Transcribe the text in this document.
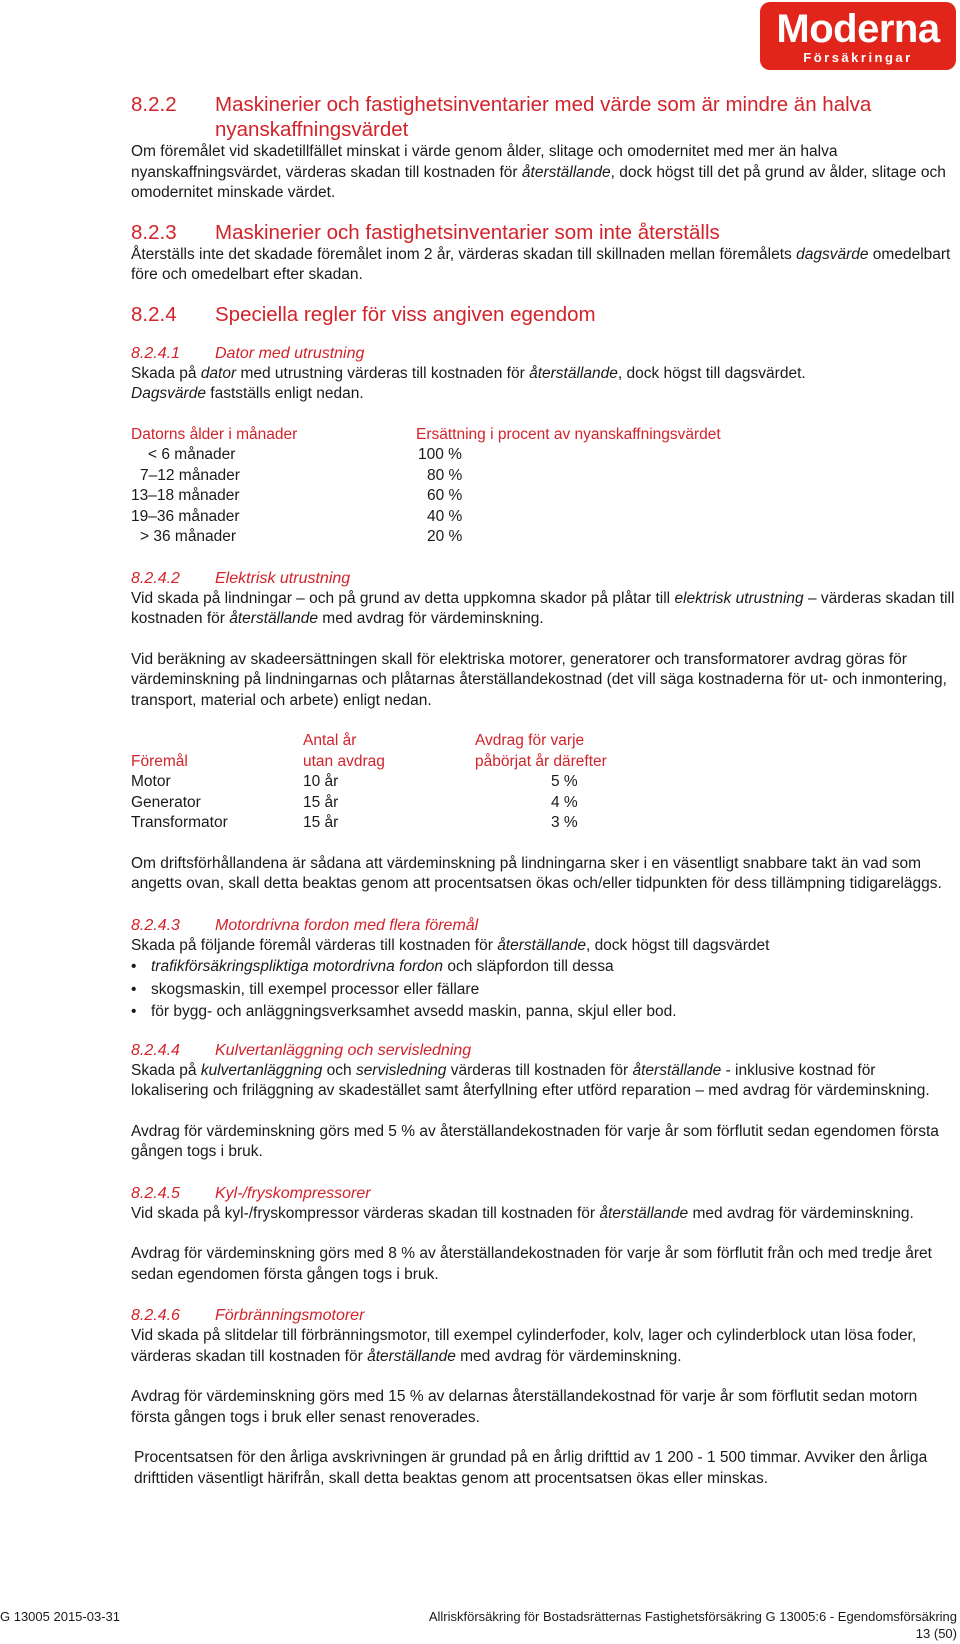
Moderna
Försäkringar
8.2.2 Maskinerier och fastighetsinventarier med värde som är mindre än halva nyanskaffningsvärdet

Om föremålet vid skadetillfället minskat i värde genom ålder, slitage och omodernitet med mer än halva nyanskaffningsvärdet, värderas skadan till kostnaden för återställande, dock högst till det på grund av ålder, slitage och omodernitet minskade värdet.

8.2.3 Maskinerier och fastighetsinventarier som inte återställs

Återställs inte det skadade föremålet inom 2 år, värderas skadan till skillnaden mellan föremålets dagsvärde omedelbart före och omedelbart efter skadan.

8.2.4 Speciella regler för viss angiven egendom
8.2.4.1 Dator med utrustning

Skada på dator med utrustning värderas till kostnaden för återställande, dock högst till dagsvärdet.
Dagsvärde fastställs enligt nedan.

Datorns ålder i månader	Ersättning i procent av nyanskaffningsvärdet
< 6 månader	100 %
7–12 månader	80 %
13–18 månader	60 %
19–36 månader	40 %
> 36 månader	20 %
8.2.4.2 Elektrisk utrustning

Vid skada på lindningar – och på grund av detta uppkomna skador på plåtar till elektrisk utrustning – värderas skadan till kostnaden för återställande med avdrag för värdeminskning.

Vid beräkning av skadeersättningen skall för elektriska motorer, generatorer och transformatorer avdrag göras för värdeminskning på lindningarnas och plåtarnas återställandekostnad (det vill säga kostnaderna för ut- och inmontering, transport, material och arbete) enligt nedan.

	Antal år	Avdrag för varje
Föremål	utan avdrag	påbörjat år därefter
Motor	10 år	5 %
Generator	15 år	4 %
Transformator	15 år	3 %

Om driftsförhållandena är sådana att värdeminskning på lindningarna sker i en väsentligt snabbare takt än vad som angetts ovan, skall detta beaktas genom att procentsatsen ökas och/eller tidpunkten för dess tillämpning tidigareläggs.

8.2.4.3 Motordrivna fordon med flera föremål

Skada på följande föremål värderas till kostnaden för återställande, dock högst till dagsvärdet

• trafikförsäkringspliktiga motordrivna fordon och släpfordon till dessa
• skogsmaskin, till exempel processor eller fällare
• för bygg- och anläggningsverksamhet avsedd maskin, panna, skjul eller bod.
8.2.4.4 Kulvertanläggning och servisledning

Skada på kulvertanläggning och servisledning värderas till kostnaden för återställande - inklusive kostnad för lokalisering och friläggning av skadestället samt återfyllning efter utförd reparation – med avdrag för värdeminskning.

Avdrag för värdeminskning görs med 5 % av återställandekostnaden för varje år som förflutit sedan egendomen första gången togs i bruk.

8.2.4.5 Kyl-/fryskompressorer

Vid skada på kyl-/fryskompressor värderas skadan till kostnaden för återställande med avdrag för värdeminskning.

Avdrag för värdeminskning görs med 8 % av återställandekostnaden för varje år som förflutit från och med tredje året sedan egendomen första gången togs i bruk.

8.2.4.6 Förbränningsmotorer

Vid skada på slitdelar till förbränningsmotor, till exempel cylinderfoder, kolv, lager och cylinderblock utan lösa foder, värderas skadan till kostnaden för återställande med avdrag för värdeminskning.

Avdrag för värdeminskning görs med 15 % av delarnas återställandekostnad för varje år som förflutit sedan motorn första gången togs i bruk eller senast renoverades.

Procentsatsen för den årliga avskrivningen är grundad på en årlig drifttid av 1 200 - 1 500 timmar. Avviker den årliga drifttiden väsentligt härifrån, skall detta beaktas genom att procentsatsen ökas eller minskas.

G 13005 2015-03-31	Allriskförsäkring för Bostadsrätternas Fastighetsförsäkring G 13005:6 - Egendomsförsäkring
13 (50)
